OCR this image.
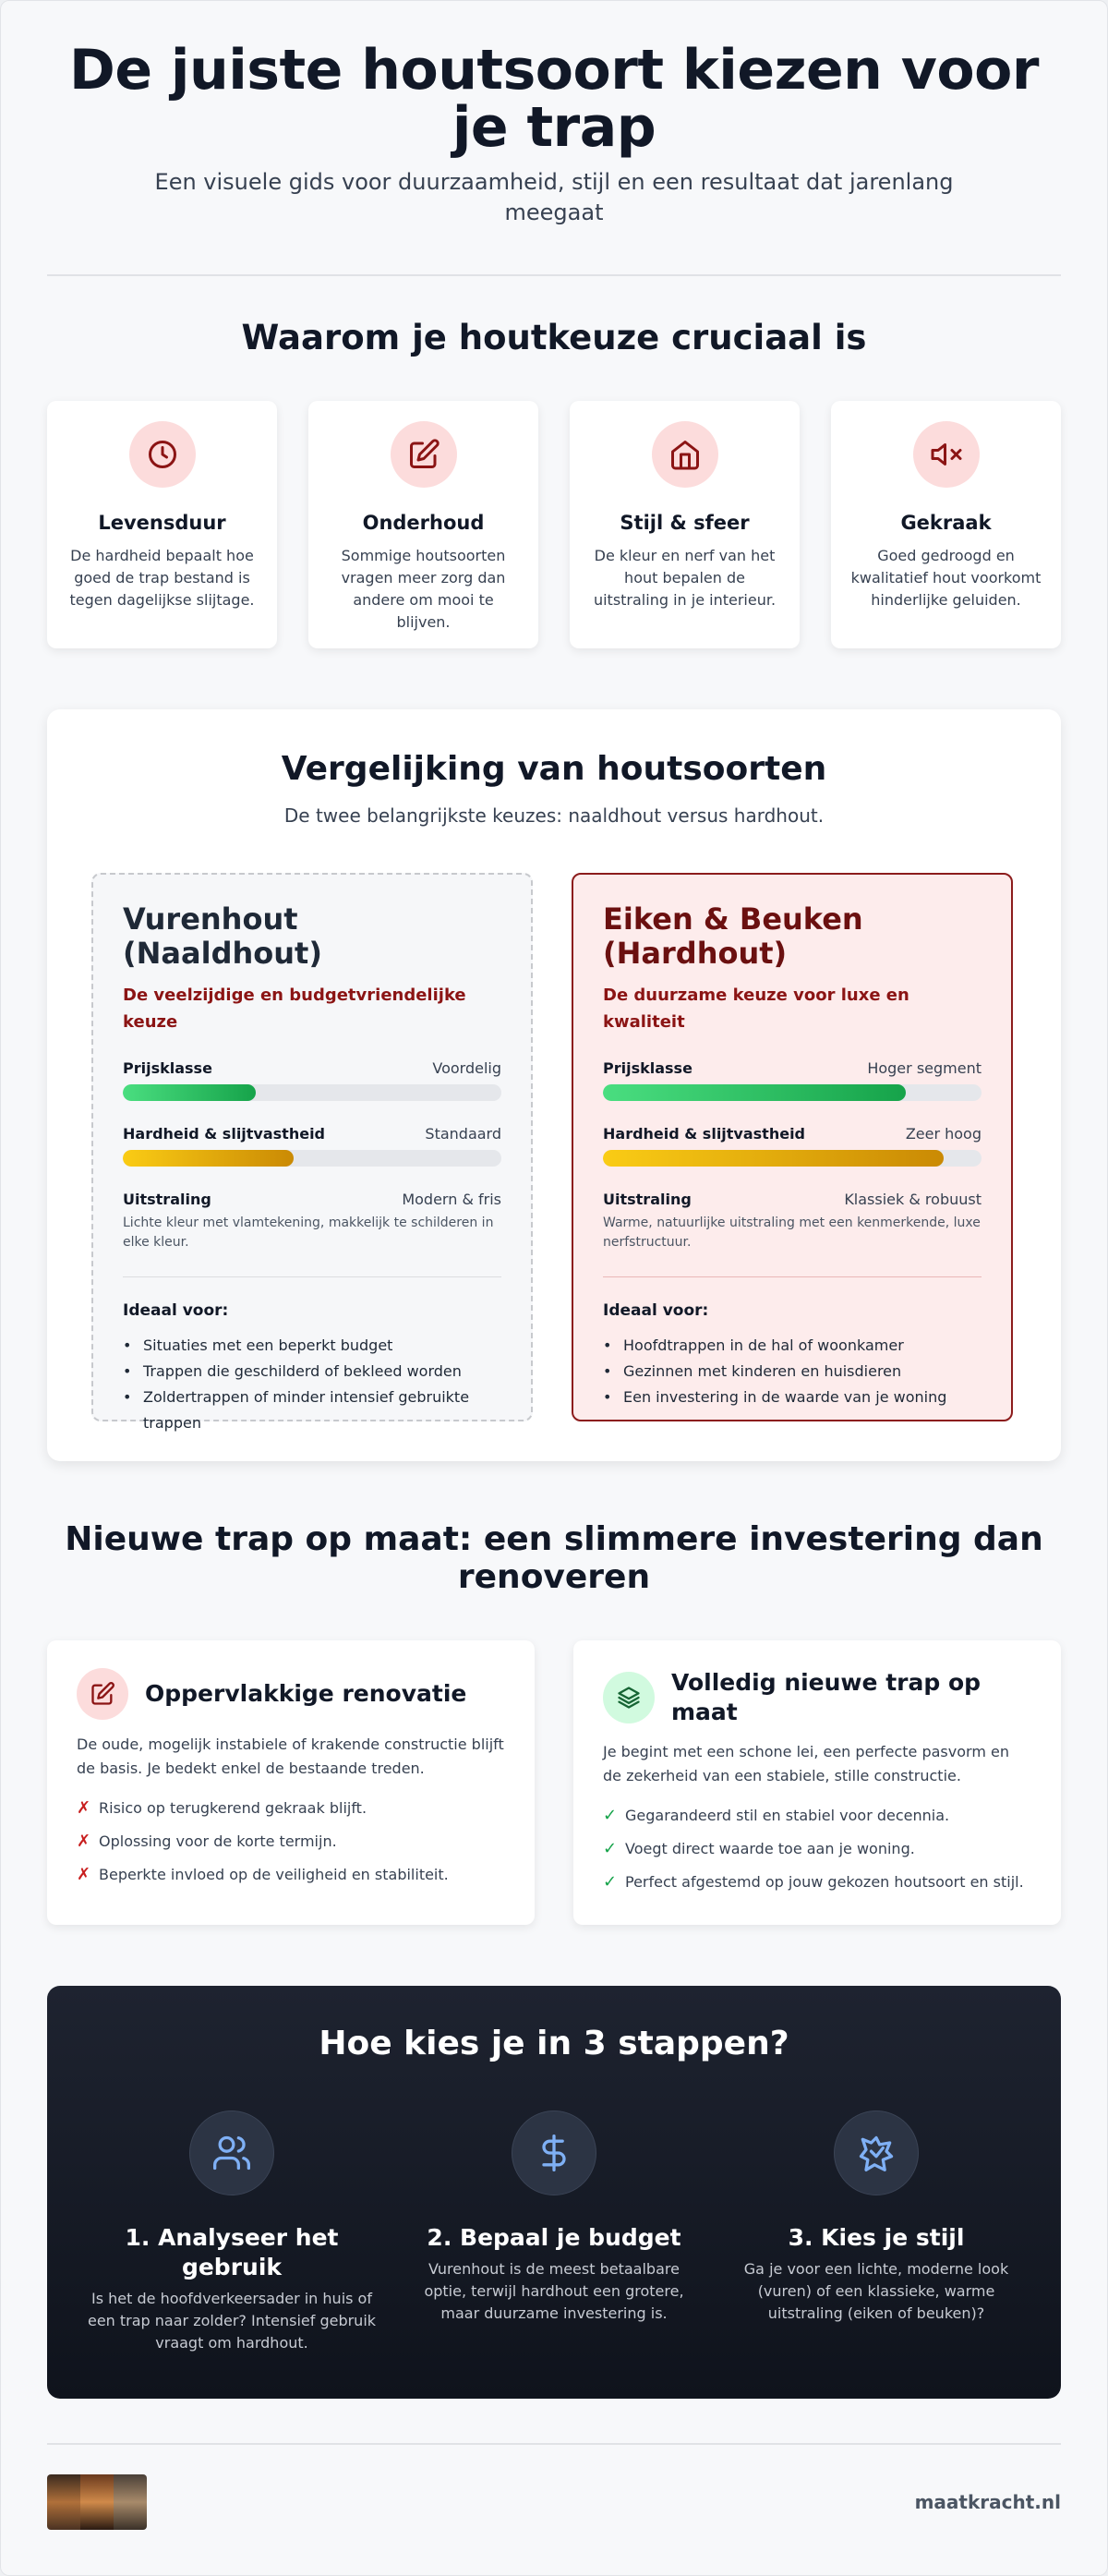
De juiste houtsoort kiezen voor je trap

Een visuele gids voor duurzaamheid, stijl en een resultaat dat jarenlang meegaat

Waarom je houtkeuze cruciaal is
Levensduur

De hardheid bepaalt hoe goed de trap bestand is tegen dagelijkse slijtage.

Onderhoud

Sommige houtsoorten vragen meer zorg dan andere om mooi te blijven.

Stijl & sfeer

De kleur en nerf van het hout bepalen de uitstraling in je interieur.

Gekraak

Goed gedroogd en kwalitatief hout voorkomt hinderlijke geluiden.

Vergelijking van houtsoorten

De twee belangrijkste keuzes: naaldhout versus hardhout.

Vurenhout (Naaldhout)
De veelzijdige en budgetvriendelijke keuze
Prijsklasse	Voordelig
Hardheid & slijtvastheid	Standaard
Uitstraling	Modern & fris
Lichte kleur met vlamtekening, makkelijk te schilderen in elke kleur.
Ideaal voor:
• Situaties met een beperkt budget
• Trappen die geschilderd of bekleed worden
• Zoldertrappen of minder intensief gebruikte trappen
Eiken & Beuken (Hardhout)
De duurzame keuze voor luxe en kwaliteit
Prijsklasse	Hoger segment
Hardheid & slijtvastheid	Zeer hoog
Uitstraling	Klassiek & robuust
Warme, natuurlijke uitstraling met een kenmerkende, luxe nerfstructuur.
Ideaal voor:
• Hoofdtrappen in de hal of woonkamer
• Gezinnen met kinderen en huisdieren
• Een investering in de waarde van je woning
Nieuwe trap op maat: een slimmere investering dan renoveren
Oppervlakkige renovatie

De oude, mogelijk instabiele of krakende constructie blijft de basis. Je bedekt enkel de bestaande treden.

✗ Risico op terugkerend gekraak blijft.
✗ Oplossing voor de korte termijn.
✗ Beperkte invloed op de veiligheid en stabiliteit.
Volledig nieuwe trap op maat

Je begint met een schone lei, een perfecte pasvorm en de zekerheid van een stabiele, stille constructie.

✓ Gegarandeerd stil en stabiel voor decennia.
✓ Voegt direct waarde toe aan je woning.
✓ Perfect afgestemd op jouw gekozen houtsoort en stijl.
Hoe kies je in 3 stappen?
1. Analyseer het gebruik

Is het de hoofdverkeersader in huis of een trap naar zolder? Intensief gebruik vraagt om hardhout.

2. Bepaal je budget

Vurenhout is de meest betaalbare optie, terwijl hardhout een grotere, maar duurzame investering is.

3. Kies je stijl

Ga je voor een lichte, moderne look (vuren) of een klassieke, warme uitstraling (eiken of beuken)?

maatkracht.nl
